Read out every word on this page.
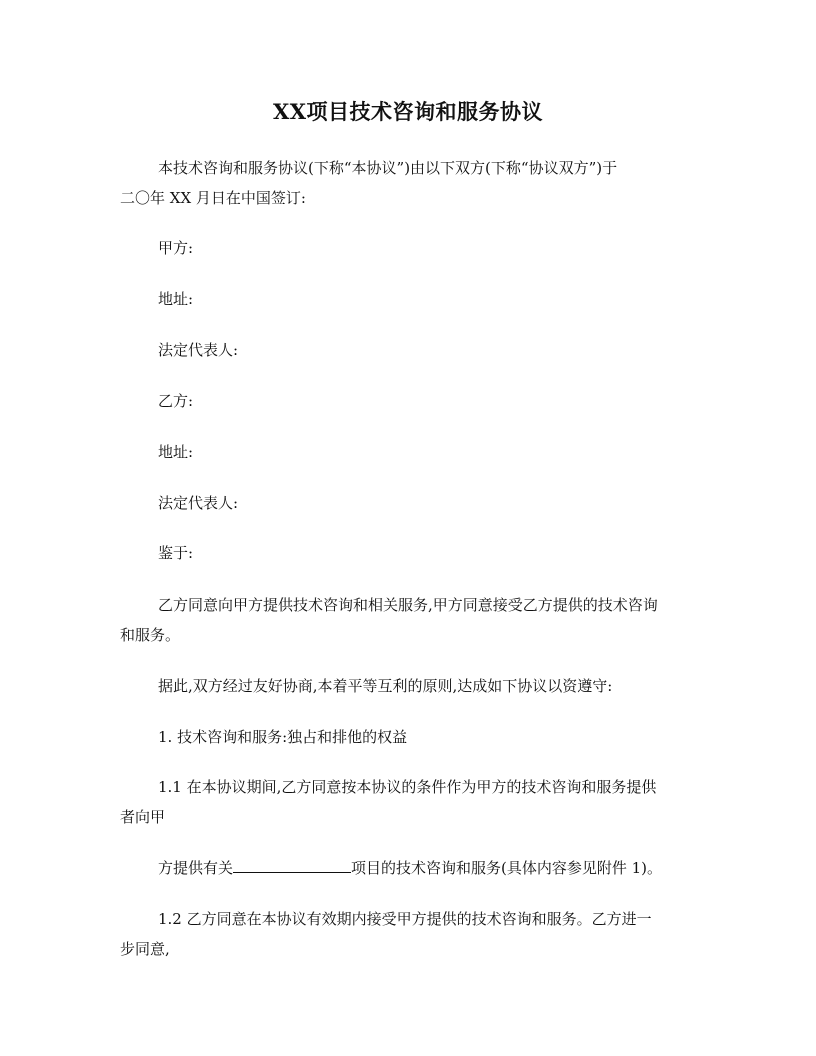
XX项目技术咨询和服务协议

本技术咨询和服务协议(下称“本协议”)由以下双方(下称“协议双方”)于

二〇年 XX 月日在中国签订:

甲方:

地址:

法定代表人:

乙方:

地址:

法定代表人:

鉴于:

乙方同意向甲方提供技术咨询和相关服务,甲方同意接受乙方提供的技术咨询

和服务。

据此,双方经过友好协商,本着平等互利的原则,达成如下协议以资遵守:

1. 技术咨询和服务:独占和排他的权益

1.1 在本协议期间,乙方同意按本协议的条件作为甲方的技术咨询和服务提供

者向甲

方提供有关	项目的技术咨询和服务(具体内容参见附件 1)。

1.2 乙方同意在本协议有效期内接受甲方提供的技术咨询和服务。乙方进一

步同意,
